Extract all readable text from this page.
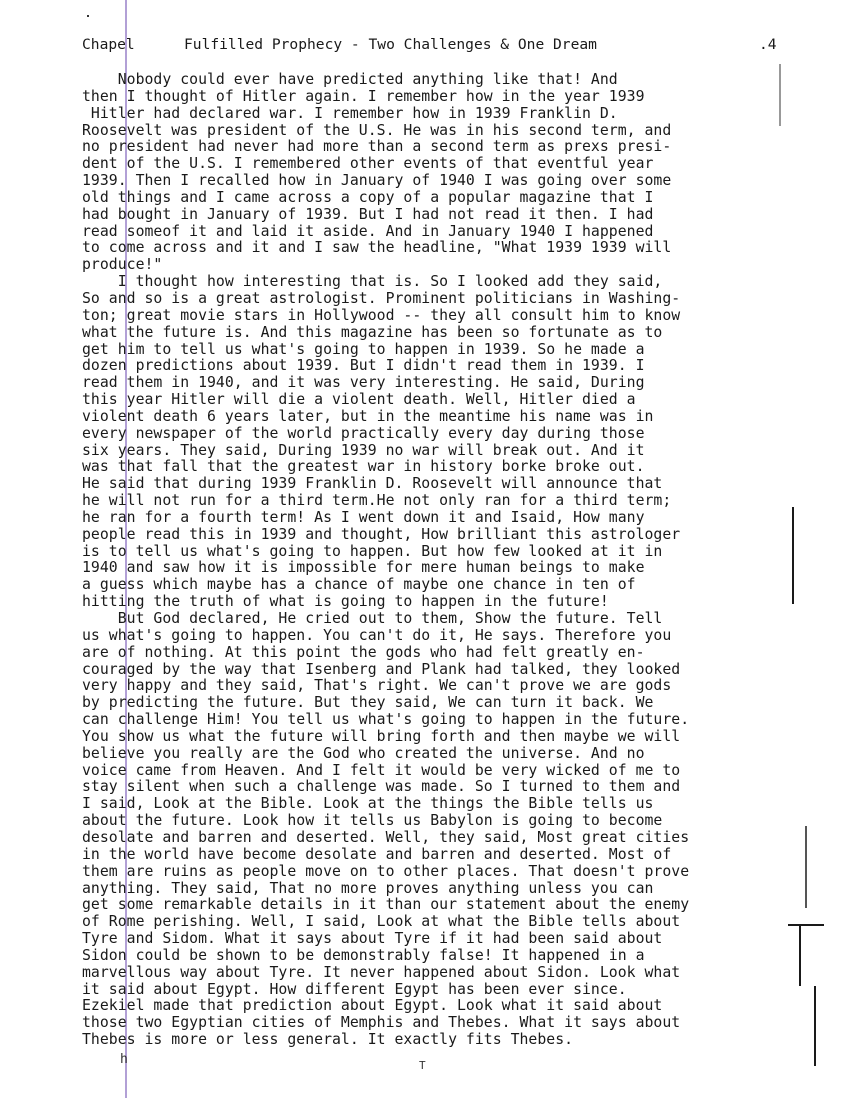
Chapel

	Fulfilled Prophecy - Two Challenges & One Dream

	.4

Nobody could ever have predicted anything like that! And
then I thought of Hitler again. I remember how in the year 1939
Hitler had declared war. I remember how in 1939 Franklin D.
Roosevelt was president of the U.S. He was in his second term, and
no president had never had more than a second term as prexs presi-
dent of the U.S. I remembered other events of that eventful year
1939. Then I recalled how in January of 1940 I was going over some
old things and I came across a copy of a popular magazine that I
had bought in January of 1939. But I had not read it then. I had
read someof it and laid it aside. And in January 1940 I happened
to come across and it and I saw the headline, "What 1939 1939 will
produce!"
I thought how interesting that is. So I looked add they said,
So and so is a great astrologist. Prominent politicians in Washing-
ton; great movie stars in Hollywood -- they all consult him to know
what the future is. And this magazine has been so fortunate as to
get him to tell us what's going to happen in 1939. So he made a
dozen predictions about 1939. But I didn't read them in 1939. I
read them in 1940, and it was very interesting. He said, During
this year Hitler will die a violent death. Well, Hitler died a
violent death 6 years later, but in the meantime his name was in
every newspaper of the world practically every day during those
six years. They said, During 1939 no war will break out. And it
was that fall that the greatest war in history borke broke out.
He said that during 1939 Franklin D. Roosevelt will announce that
he will not run for a third term.He not only ran for a third term;
he ran for a fourth term! As I went down it and Isaid, How many
people read this in 1939 and thought, How brilliant this astrologer
is to tell us what's going to happen. But how few looked at it in
1940 and saw how it is impossible for mere human beings to make
a guess which maybe has a chance of maybe one chance in ten of
hitting the truth of what is going to happen in the future!
But God declared, He cried out to them, Show the future. Tell
us what's going to happen. You can't do it, He says. Therefore you
are of nothing. At this point the gods who had felt greatly en-
couraged by the way that Isenberg and Plank had talked, they looked
very happy and they said, That's right. We can't prove we are gods
by predicting the future. But they said, We can turn it back. We
can challenge Him! You tell us what's going to happen in the future.
You show us what the future will bring forth and then maybe we will
believe you really are the God who created the universe. And no
voice came from Heaven. And I felt it would be very wicked of me to
stay silent when such a challenge was made. So I turned to them and
I said, Look at the Bible. Look at the things the Bible tells us
about the future. Look how it tells us Babylon is going to become
desolate and barren and deserted. Well, they said, Most great cities
in the world have become desolate and barren and deserted. Most of
them are ruins as people move on to other places. That doesn't prove
anything. They said, That no more proves anything unless you can
get some remarkable details in it than our statement about the enemy
of Rome perishing. Well, I said, Look at what the Bible tells about
Tyre and Sidom. What it says about Tyre if it had been said about
Sidon could be shown to be demonstrably false! It happened in a
marvellous way about Tyre. It never happened about Sidon. Look what
it said about Egypt. How different Egypt has been ever since.
Ezekiel made that prediction about Egypt. Look what it said about
those two Egyptian cities of Memphis and Thebes. What it says about
Thebes is more or less general. It exactly fits Thebes.
h	T
